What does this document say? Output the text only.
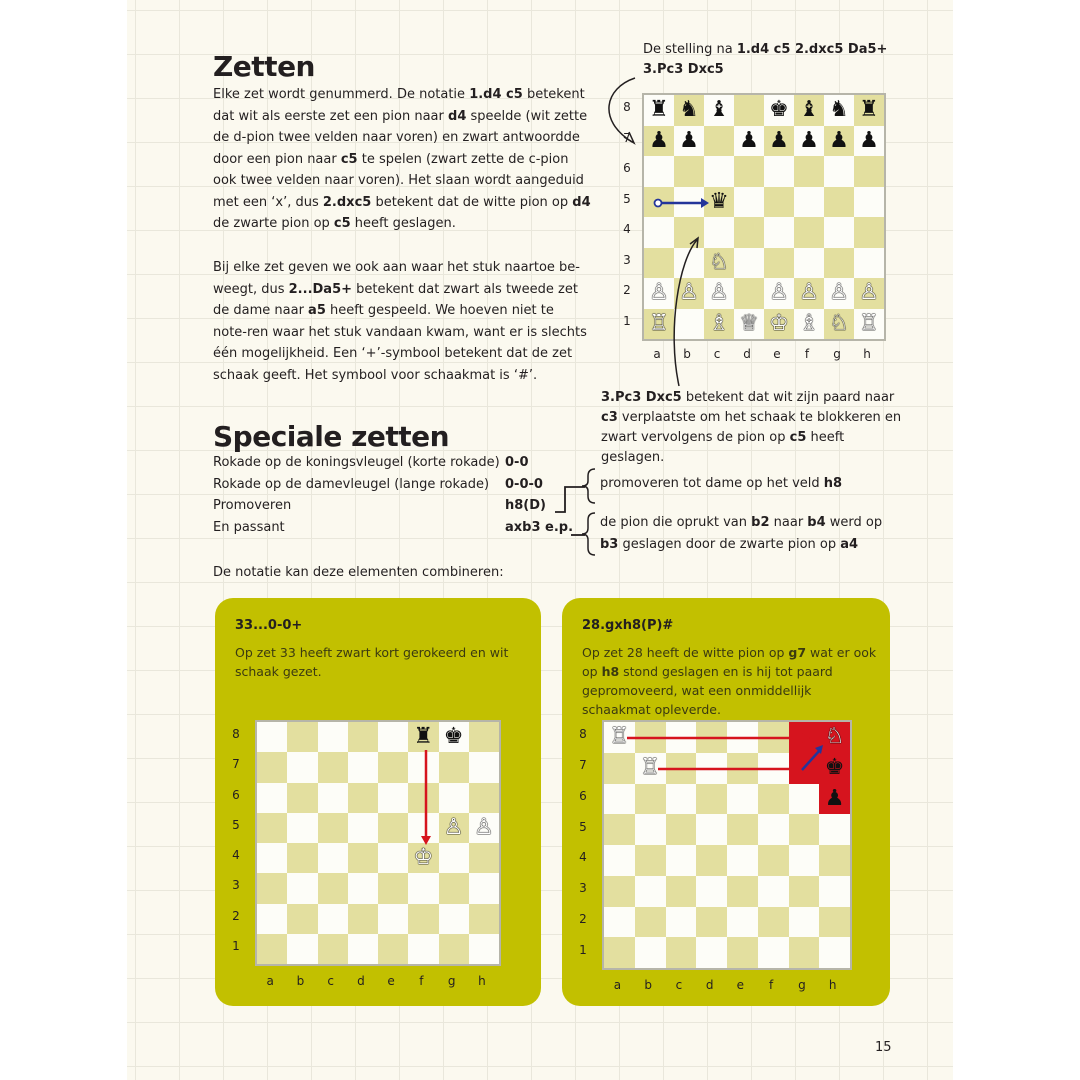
Zetten
Elke zet wordt genummerd. De notatie 1.d4 c5 betekent dat wit als eerste zet een pion naar d4 speelde (wit zette de d-pion twee velden naar voren) en zwart antwoordde door een pion naar c5 te spelen (zwart zette de c-pion ook twee velden naar voren). Het slaan wordt aangeduid met een ‘x’, dus 2.dxc5 betekent dat de witte pion op d4 de zwarte pion op c5 heeft geslagen.
Bij elke zet geven we ook aan waar het stuk naartoe be-weegt, dus 2...Da5+ betekent dat zwart als tweede zet de dame naar a5 heeft gespeeld. We hoeven niet te note-ren waar het stuk vandaan kwam, want er is slechts één mogelijkheid. Een ‘+’-symbool betekent dat de zet schaak geeft. Het symbool voor schaakmat is ‘#’.
De stelling na 1.d4 c5 2.dxc5 Da5+ 3.Pc3 Dxc5
♜ ♞ ♝ ♚ ♝ ♞ ♜
♟ ♟ ♟ ♟ ♟ ♟ ♟
♛
♘
♙ ♙ ♙ ♙ ♙ ♙ ♙
♖ ♗ ♕ ♔ ♗ ♘ ♖
8
7
6
5
4
3
2
1
a b	c	d e	f	g h
3.Pc3 Dxc5 betekent dat wit zijn paard naar c3 verplaatste om het schaak te blokkeren en zwart vervolgens de pion op c5 heeft geslagen.
Speciale zetten
Rokade op de koningsvleugel (korte rokade) 0-0
Rokade op de damevleugel (lange rokade) 0-0-0
Promoveren	h8(D)
En passant	axb3 e.p.
promoveren tot dame op het veld h8
de pion die oprukt van b2 naar b4 werd op
b3 geslagen door de zwarte pion op a4
De notatie kan deze elementen combineren:
33...0-0+
Op zet 33 heeft zwart kort gerokeerd en wit schaak gezet.
♜ ♚
♙ ♙
♔
8
7
6
5
4
3
2
1
a b	c	d e	f	g h
28.gxh8(P)#
Op zet 28 heeft de witte pion op g7 wat er ook op h8 stond geslagen en is hij tot paard gepromoveerd, wat een onmiddellijk schaakmat opleverde.
♖	♘
♖	♚
♟
8
7
6
5
4
3
2
1
a b	c	d e	f	g h
15
